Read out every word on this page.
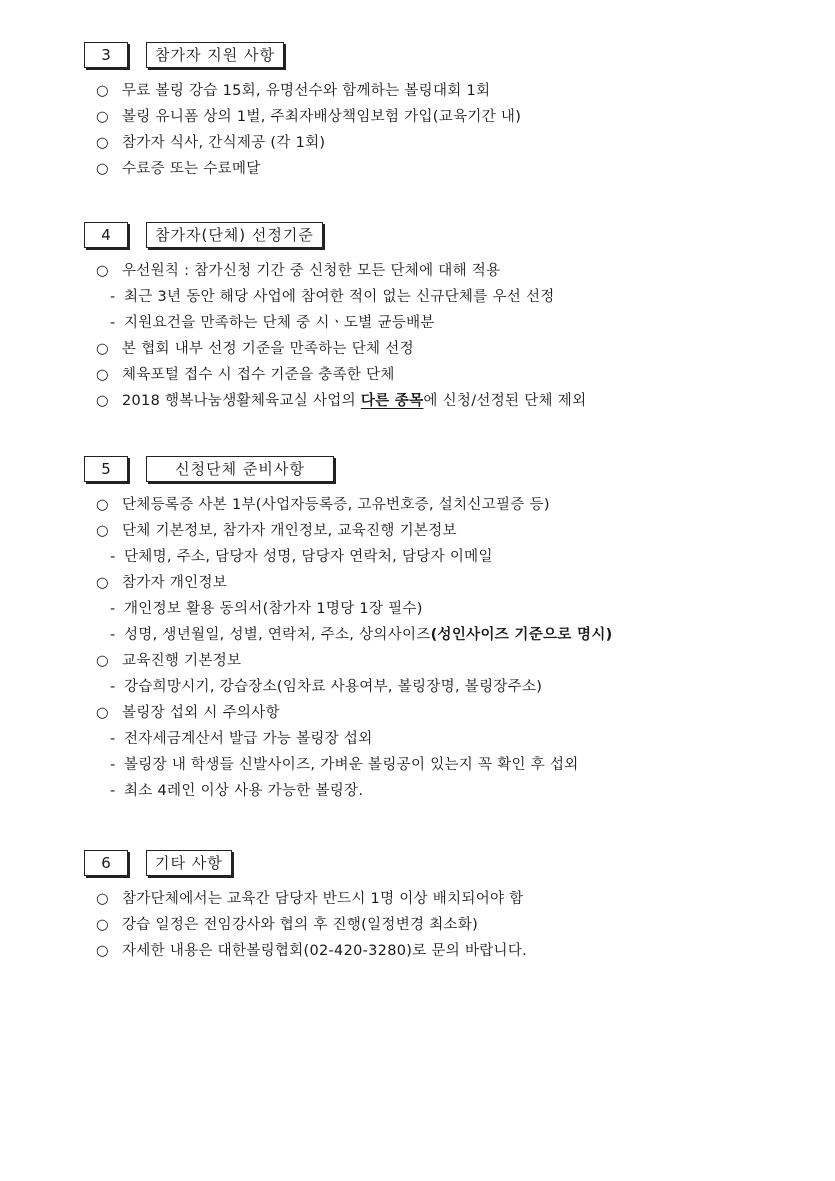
3	참가자 지원 사항
○ 무료 볼링 강습 15회, 유명선수와 함께하는 볼링대회 1회
○ 볼링 유니폼 상의 1벌, 주최자배상책임보험 가입(교육기간 내)
○ 참가자 식사, 간식제공 (각 1회)
○ 수료증 또는 수료메달
4	참가자(단체) 선정기준
○ 우선원칙 : 참가신청 기간 중 신청한 모든 단체에 대해 적용
- 최근 3년 동안 해당 사업에 참여한 적이 없는 신규단체를 우선 선정
- 지원요건을 만족하는 단체 중 시ㆍ도별 균등배분
○ 본 협회 내부 선정 기준을 만족하는 단체 선정
○ 체육포털 접수 시 접수 기준을 충족한 단체
○ 2018 행복나눔생활체육교실 사업의 다른 종목에 신청/선정된 단체 제외
5	신청단체 준비사항
○ 단체등록증 사본 1부(사업자등록증, 고유번호증, 설치신고필증 등)
○ 단체 기본정보, 참가자 개인정보, 교육진행 기본정보
- 단체명, 주소, 담당자 성명, 담당자 연락처, 담당자 이메일
○ 참가자 개인정보
- 개인정보 활용 동의서(참가자 1명당 1장 필수)
- 성명, 생년월일, 성별, 연락처, 주소, 상의사이즈(성인사이즈 기준으로 명시)
○ 교육진행 기본정보
- 강습희망시기, 강습장소(임차료 사용여부, 볼링장명, 볼링장주소)
○ 볼링장 섭외 시 주의사항
- 전자세금계산서 발급 가능 볼링장 섭외
- 볼링장 내 학생들 신발사이즈, 가벼운 볼링공이 있는지 꼭 확인 후 섭외
- 최소 4레인 이상 사용 가능한 볼링장.
6	기타 사항
○ 참가단체에서는 교육간 담당자 반드시 1명 이상 배치되어야 함
○ 강습 일정은 전임강사와 협의 후 진행(일정변경 최소화)
○ 자세한 내용은 대한볼링협회(02-420-3280)로 문의 바랍니다.
